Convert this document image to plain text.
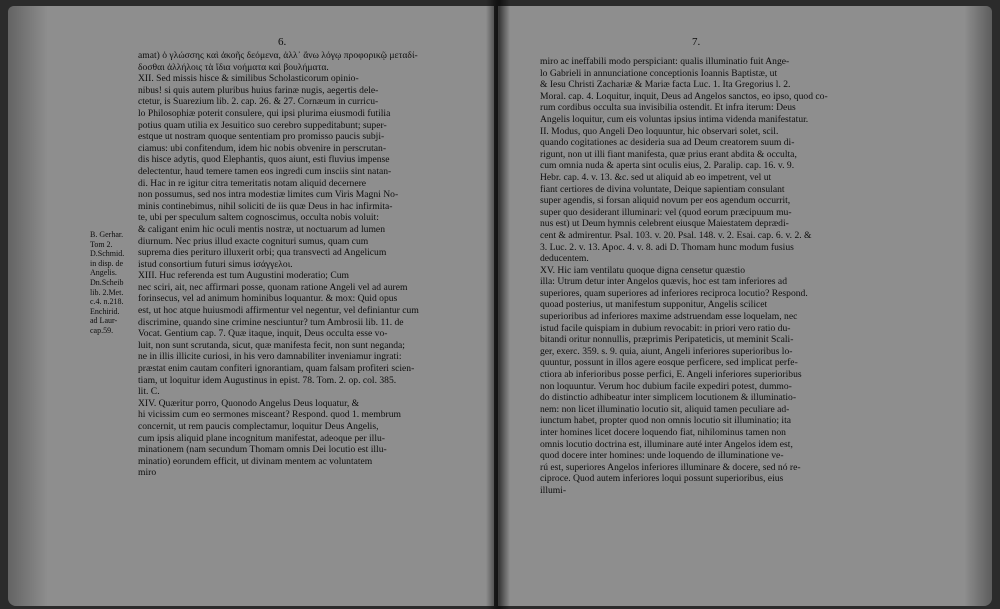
6.
B. Gerhar.
Tom 2.
D.Schmid.
in disp. de
Angelis.
Dn.Scheib
lib. 2.Met.
c.4. n.218.
Enchirid.
ad Laur-
cap.59.
amat) ὁ γλώσσης καὶ ἀκοῆς δεόμενα, ἀλλ᾽ ἄνω λόγῳ προφορικῷ μεταδί-
δοσθαι ἀλλήλοις τὰ ἴδια νοήματα καὶ βουλήματα.
XII. Sed missis hisce & similibus Scholasticorum opinio-
nibus! si quis autem pluribus huius farinæ nugis, aegertis dele-
ctetur, is Suarezium lib. 2. cap. 26. & 27. Cornæum in curricu-
lo Philosophiæ poterit consulere, qui ipsi plurima eiusmodi futilia
potius quam utilia ex Jesuitico suo cerebro suppeditabunt; super-
estque ut nostram quoque sententiam pro promisso paucis subji-
ciamus: ubi confitendum, idem hic nobis obvenire in perscrutan-
dis hisce adytis, quod Elephantis, quos aiunt, esti fluvius impense
delectentur, haud temere tamen eos ingredi cum insciis sint natan-
di. Hac in re igitur citra temeritatis notam aliquid decernere
non possumus, sed nos intra modestiæ limites cum Viris Magni No-
minis continebimus, nihil soliciti de iis quæ Deus in hac infirmita-
te, ubi per speculum saltem cognoscimus, occulta nobis voluit:
& caligant enim hic oculi mentis nostræ, ut noctuarum ad lumen
diurnum. Nec prius illud exacte cognituri sumus, quam cum
suprema dies perituro illuxerit orbi; qua transvecti ad Angelicum
istud consortium futuri simus ἰσάγγελοι.
XIII. Huc referenda est tum Augustini moderatio; Cum
nec sciri, ait, nec affirmari posse, quonam ratione Angeli vel ad aurem
forinsecus, vel ad animum hominibus loquantur. & mox: Quid opus
est, ut hoc atque huiusmodi affirmentur vel negentur, vel definiantur cum
discrimine, quando sine crimine nesciuntur? tum Ambrosii lib. 11. de
Vocat. Gentium cap. 7. Quæ itaque, inquit, Deus occulta esse vo-
luit, non sunt scrutanda, sicut, quæ manifesta fecit, non sunt neganda;
ne in illis illicite curiosi, in his vero damnabiliter inveniamur ingrati:
præstat enim cautam confiteri ignorantiam, quam falsam profiteri scien-
tiam, ut loquitur idem Augustinus in epist. 78. Tom. 2. op. col. 385.
lit. C.
XIV. Quæritur porro, Quonodo Angelus Deus loquatur, &
hi vicissim cum eo sermones misceant? Respond. quod 1. membrum
concernit, ut rem paucis complectamur, loquitur Deus Angelis,
cum ipsis aliquid plane incognitum manifestat, adeoque per illu-
minationem (nam secundum Thomam omnis Dei locutio est illu-
minatio) eorundem efficit, ut divinam mentem ac voluntatem
miro
7.
miro ac ineffabili modo perspiciant: qualis illuminatio fuit Ange-
lo Gabrieli in annunciatione conceptionis Ioannis Baptistæ, ut
& Iesu Christi Zachariæ & Mariæ facta Luc. 1. Ita Gregorius l. 2.
Moral. cap. 4. Loquitur, inquit, Deus ad Angelos sanctos, eo ipso, quod co-
rum cordibus occulta sua invisibilia ostendit. Et infra iterum: Deus
Angelis loquitur, cum eis voluntas ipsius intima videnda manifestatur.
II. Modus, quo Angeli Deo loquuntur, hic observari solet, scil.
quando cogitationes ac desideria sua ad Deum creatorem suum di-
rigunt, non ut illi fiant manifesta, quæ prius erant abdita & occulta,
cum omnia nuda & aperta sint oculis eius, 2. Paralip. cap. 16. v. 9.
Hebr. cap. 4. v. 13. &c. sed ut aliquid ab eo impetrent, vel ut
fiant certiores de divina voluntate, Deique sapientiam consulant
super agendis, si forsan aliquid novum per eos agendum occurrit,
super quo desiderant illuminari: vel (quod eorum præcipuum mu-
nus est) ut Deum hymnis celebrent eiusque Maiestatem deprædi-
cent & admirentur. Psal. 103. v. 20. Psal. 148. v. 2. Esai. cap. 6. v. 2. &
3. Luc. 2. v. 13. Apoc. 4. v. 8. adi D. Thomam hunc modum fusius
deducentem.
XV. Hic iam ventilatu quoque digna censetur quæstio
illa: Utrum detur inter Angelos quævis, hoc est tam inferiores ad
superiores, quam superiores ad inferiores reciproca locutio? Respond.
quoad posterius, ut manifestum supponitur, Angelis scilicet
superioribus ad inferiores maxime adstruendam esse loquelam, nec
istud facile quispiam in dubium revocabit: in priori vero ratio du-
bitandi oritur nonnullis, præprimis Peripateticis, ut meminit Scali-
ger, exerc. 359. s. 9. quia, aiunt, Angeli inferiores superioribus lo-
quuntur, possunt in illos agere eosque perficere, sed implicat perfe-
ctiora ab inferioribus posse perfici, E. Angeli inferiores superioribus
non loquuntur. Verum hoc dubium facile expediri potest, dummo-
do distinctio adhibeatur inter simplicem locutionem & illuminatio-
nem: non licet illuminatio locutio sit, aliquid tamen peculiare ad-
iunctum habet, propter quod non omnis locutio sit illuminatio; ita
inter homines licet docere loquendo fiat, nihilominus tamen non
omnis locutio doctrina est, illuminare auté inter Angelos idem est,
quod docere inter homines: unde loquendo de illuminatione ve-
rú est, superiores Angelos inferiores illuminare & docere, sed nó re-
ciproce. Quod autem inferiores loqui possunt superioribus, eius
illumi-
